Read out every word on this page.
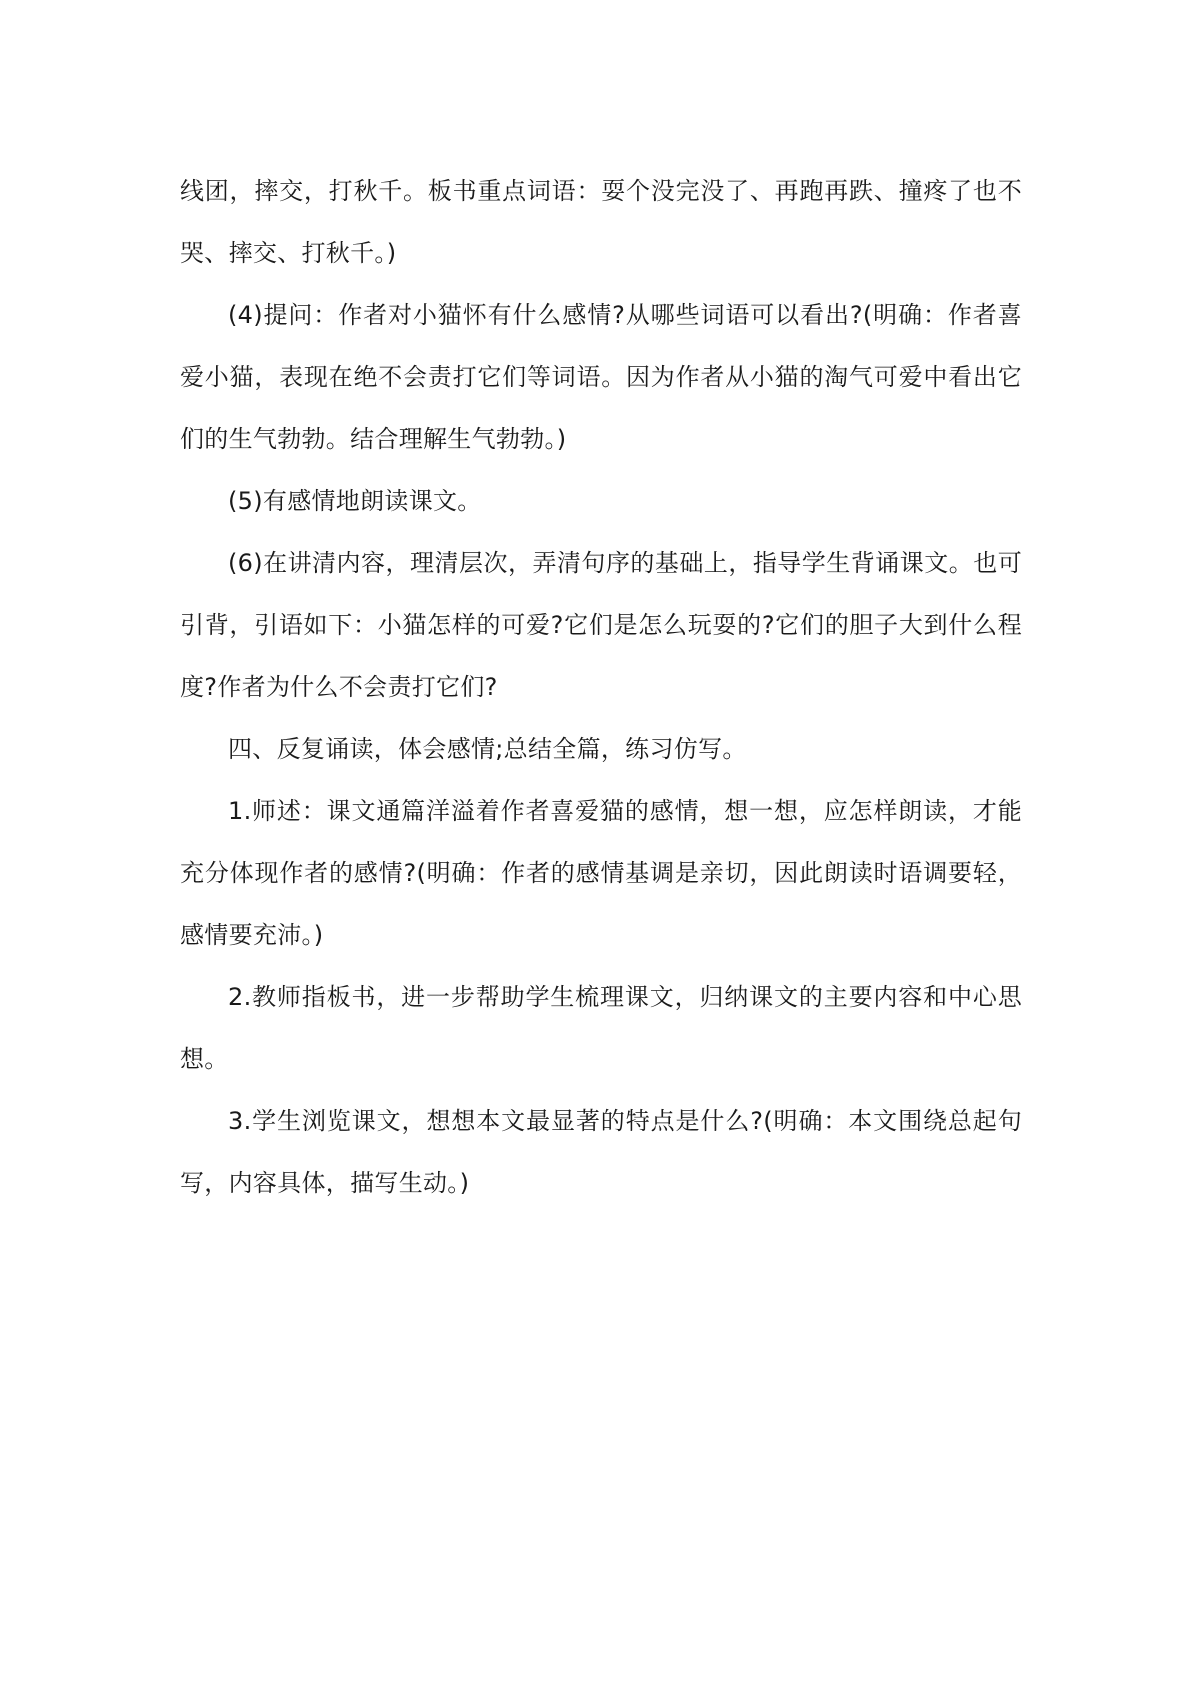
线团，摔交，打秋千。板书重点词语：耍个没完没了、再跑再跌、撞疼了也不哭、摔交、打秋千。)

(4)提问：作者对小猫怀有什么感情?从哪些词语可以看出?(明确：作者喜爱小猫，表现在绝不会责打它们等词语。因为作者从小猫的淘气可爱中看出它们的生气勃勃。结合理解生气勃勃。)

(5)有感情地朗读课文。

(6)在讲清内容，理清层次，弄清句序的基础上，指导学生背诵课文。也可引背，引语如下：小猫怎样的可爱?它们是怎么玩耍的?它们的胆子大到什么程度?作者为什么不会责打它们?

四、反复诵读，体会感情;总结全篇，练习仿写。

1.师述：课文通篇洋溢着作者喜爱猫的感情，想一想，应怎样朗读，才能充分体现作者的感情?(明确：作者的感情基调是亲切，因此朗读时语调要轻，感情要充沛。)

2.教师指板书，进一步帮助学生梳理课文，归纳课文的主要内容和中心思想。

3.学生浏览课文，想想本文最显著的特点是什么?(明确：本文围绕总起句写，内容具体，描写生动。)
